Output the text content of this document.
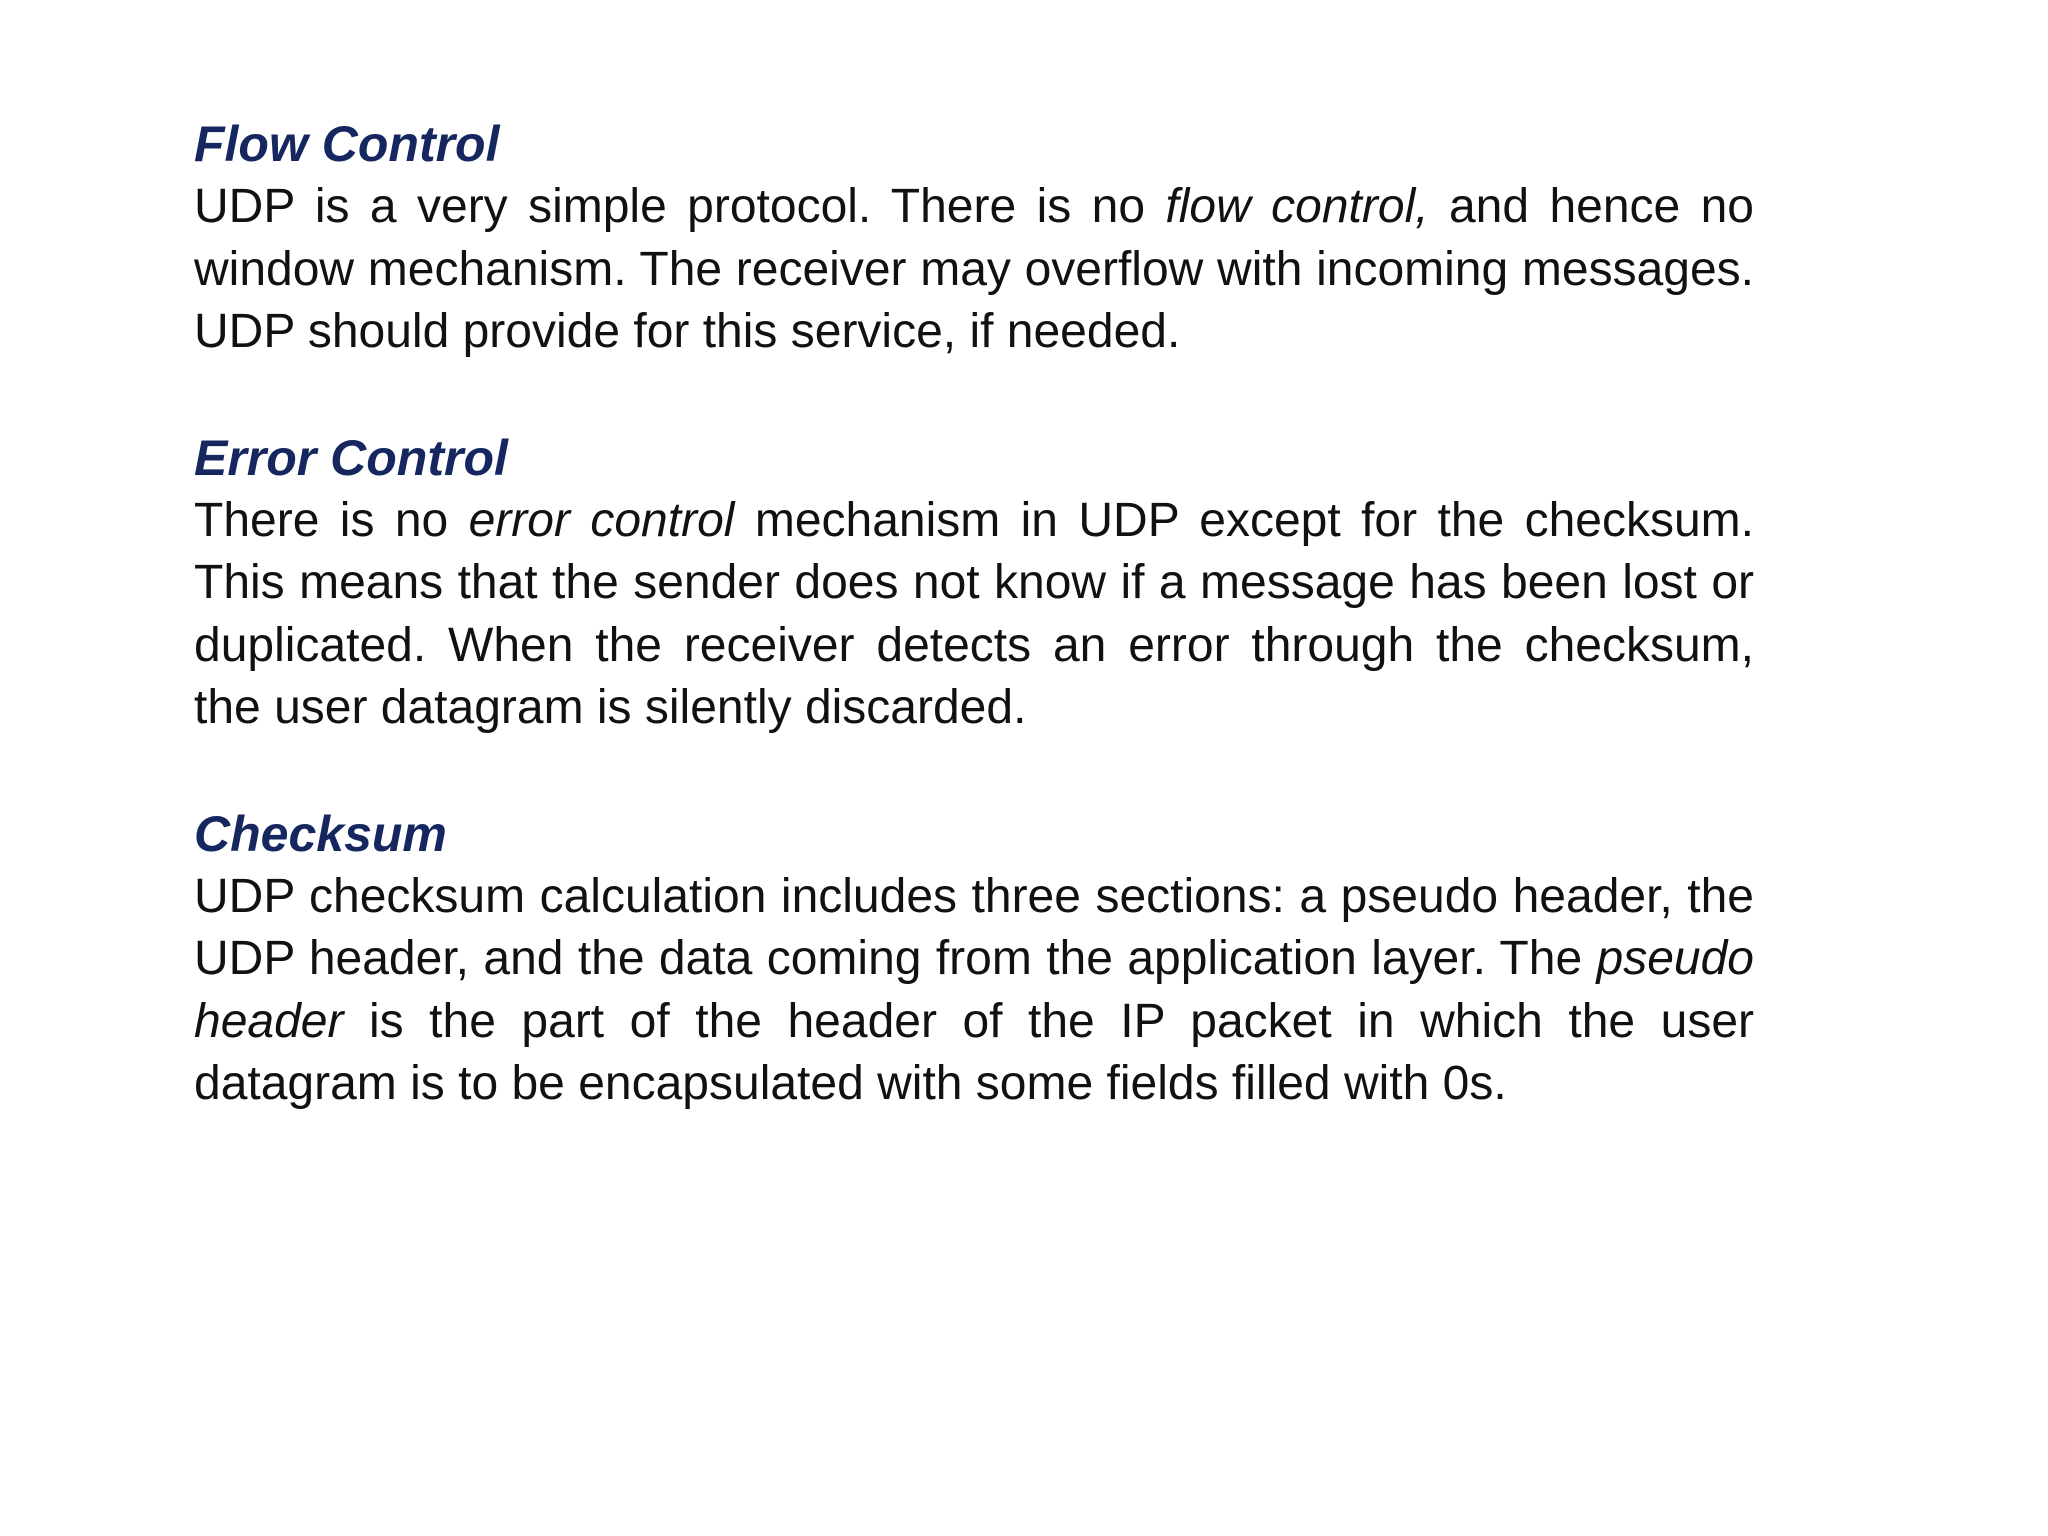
Flow Control

UDP is a very simple protocol. There is no flow control, and hence no window mechanism. The receiver may overflow with incoming messages. UDP should provide for this service, if needed.

Error Control

There is no error control mechanism in UDP except for the checksum. This means that the sender does not know if a message has been lost or duplicated. When the receiver detects an error through the checksum, the user datagram is silently discarded.

Checksum

UDP checksum calculation includes three sections: a pseudo header, the UDP header, and the data coming from the application layer. The pseudo header is the part of the header of the IP packet in which the user datagram is to be encapsulated with some fields filled with 0s.
